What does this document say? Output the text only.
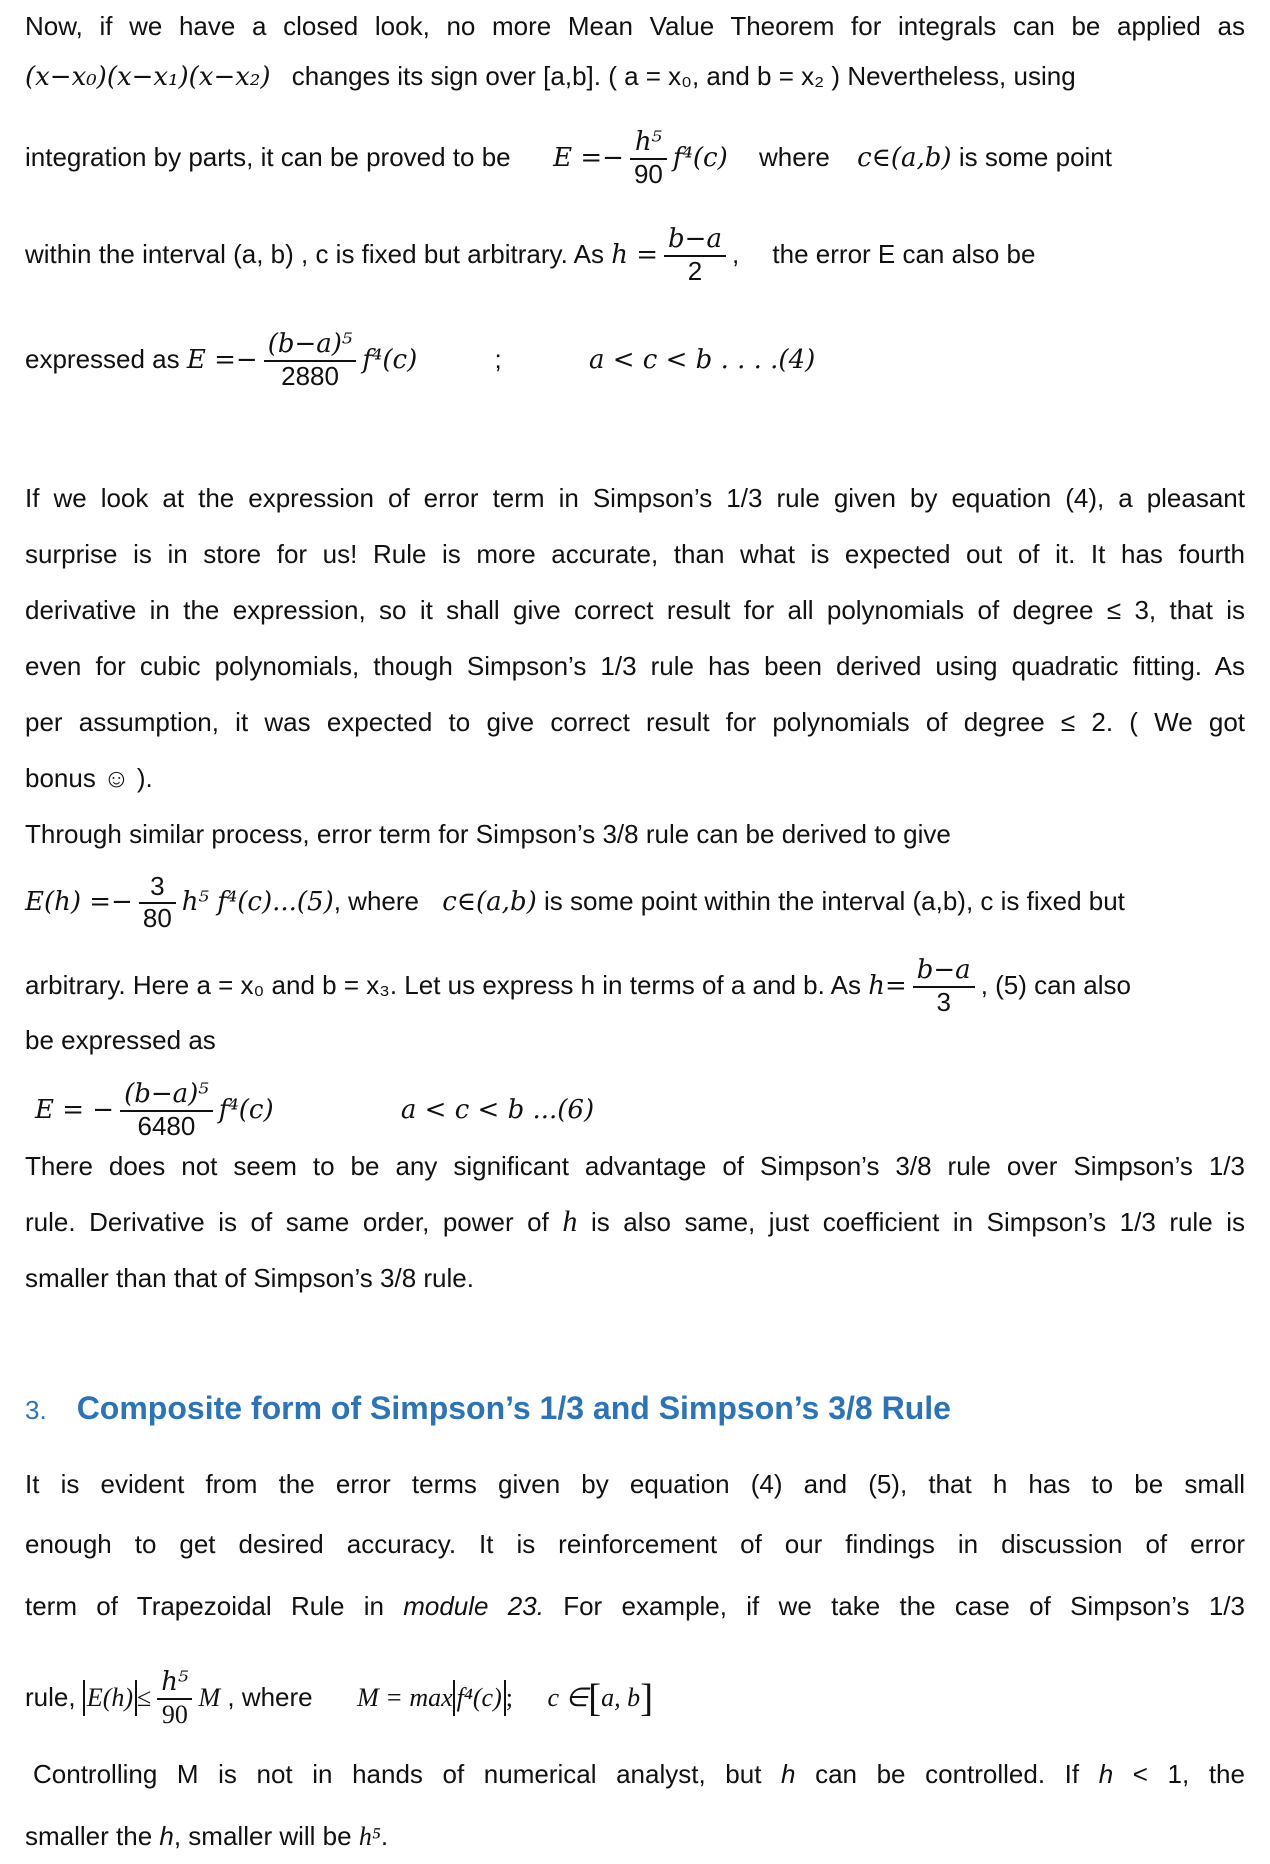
Now, if we have a closed look, no more Mean Value Theorem for integrals can be applied as
(x−x₀)(x−x₁)(x−x₂) changes its sign over [a,b]. ( a = x₀, and b = x₂ ) Nevertheless, using
integration by parts, it can be proved to be $E =- \frac{\text{h⁵}}{90} f^4(c)$ where c∈(a,b) is some point
within the interval (a, b) , c is fixed but arbitrary. As $h = \frac{b-a}{2}$ , the error E can also be
expressed as $E =- \frac{\text{(b−a)⁵}}{2880} f^4(c)$	;	a < c < b . . . .(4)
If we look at the expression of error term in Simpson’s 1/3 rule given by equation (4), a pleasant
surprise is in store for us! Rule is more accurate, than what is expected out of it. It has fourth
derivative in the expression, so it shall give correct result for all polynomials of degree ≤ 3, that is
even for cubic polynomials, though Simpson’s 1/3 rule has been derived using quadratic fitting. As
per assumption, it was expected to give correct result for polynomials of degree ≤ 2. ( We got
bonus ☺ ).
Through similar process, error term for Simpson’s 3/8 rule can be derived to give
$E(h) =- \frac{3}{80} h^5$ f⁴(c)...(5), where c∈(a,b) is some point within the interval (a,b), c is fixed but
arbitrary. Here a = x₀ and b = x₃. Let us express h in terms of a and b. As $h= \frac{b-a}{3}$ , (5) can also
be expressed as
E = − $\frac{\text{(b−a)⁵}}{6480} f^4(c)$	a < c < b ...(6)
There does not seem to be any significant advantage of Simpson’s 3/8 rule over Simpson’s 1/3
rule. Derivative is of same order, power of h is also same, just coefficient in Simpson’s 1/3 rule is
smaller than that of Simpson’s 3/8 rule.
3. Composite form of Simpson’s 1/3 and Simpson’s 3/8 Rule
It is evident from the error terms given by equation (4) and (5), that h has to be small
enough to get desired accuracy. It is reinforcement of our findings in discussion of error
term of Trapezoidal Rule in module 23. For example, if we take the case of Simpson’s 1/3
rule, $E(h) \le \frac{\text{h⁵}}{90}$ M , where M = max f⁴(c) ; c ∈[a, b]
Controlling M is not in hands of numerical analyst, but h can be controlled. If h < 1, the
smaller the h, smaller will be h⁵.
